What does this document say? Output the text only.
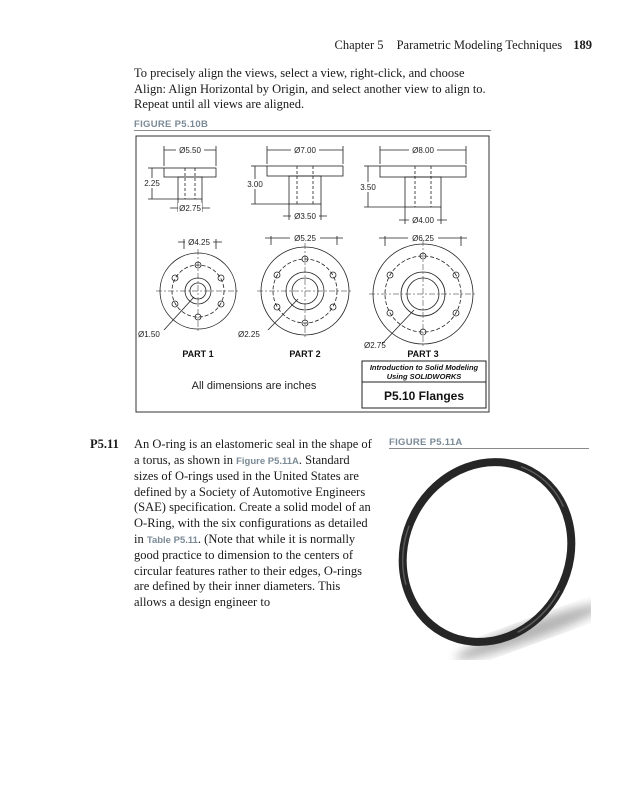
Chapter 5 Parametric Modeling Techniques 189
To precisely align the views, select a view, right-click, and choose Align: Align Horizontal by Origin, and select another view to align to. Repeat until all views are aligned.
FIGURE P5.10B
Ø5.50
2.25
Ø2.75
Ø7.00
3.00
Ø3.50
Ø8.00
3.50
Ø4.00
Ø4.25
Ø1.50
Ø5.25
Ø2.25
Ø6.25
Ø2.75
PART 1	PART 2	PART 3
All dimensions are inches
Introduction to Solid Modeling
Using SOLIDWORKS
P5.10 Flanges
P5.11 An O-ring is an elastomeric seal in the shape of a torus, as shown in Figure P5.11A. Standard sizes of O-rings used in the United States are defined by a Society of Automotive Engineers (SAE) specification. Create a solid model of an O-Ring, with the six configurations as detailed in Table P5.11. (Note that while it is normally good practice to dimension to the centers of circular features rather to their edges, O-rings are defined by their inner diameters. This allows a design engineer to
FIGURE P5.11A
